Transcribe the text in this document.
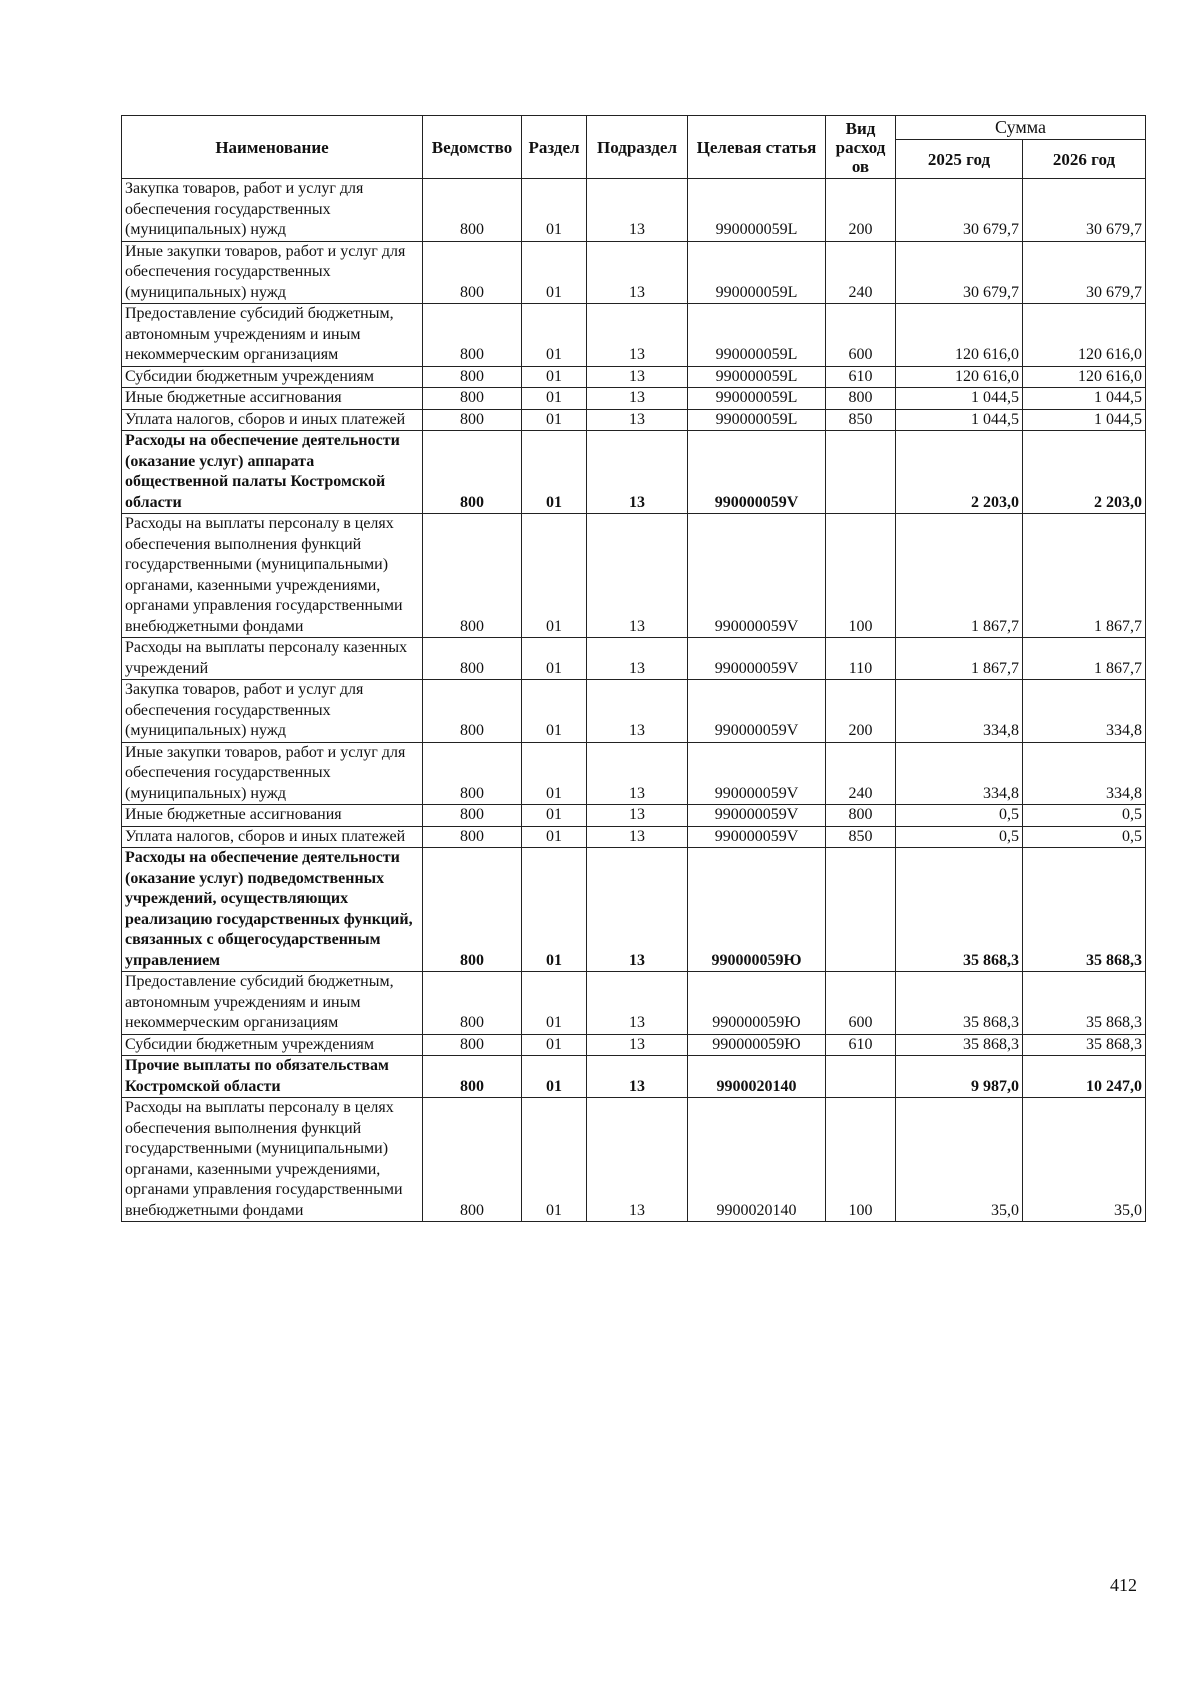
Наименование	Ведомство	Раздел	Подраздел	Целевая статья	Вид расход ов	Сумма	
						2025 год	2026 год
Закупка товаров, работ и услуг для обеспечения государственных (муниципальных) нужд	800	01	13	990000059L	200	30 679,7	30 679,7
Иные закупки товаров, работ и услуг для обеспечения государственных (муниципальных) нужд	800	01	13	990000059L	240	30 679,7	30 679,7
Предоставление субсидий бюджетным, автономным учреждениям и иным некоммерческим организациям	800	01	13	990000059L	600	120 616,0	120 616,0
Субсидии бюджетным учреждениям	800	01	13	990000059L	610	120 616,0	120 616,0
Иные бюджетные ассигнования	800	01	13	990000059L	800	1 044,5	1 044,5
Уплата налогов, сборов и иных платежей	800	01	13	990000059L	850	1 044,5	1 044,5
Расходы на обеспечение деятельности (оказание услуг) аппарата общественной палаты Костромской области	800	01	13	990000059V		2 203,0	2 203,0
Расходы на выплаты персоналу в целях обеспечения выполнения функций государственными (муниципальными) органами, казенными учреждениями, органами управления государственными внебюджетными фондами	800	01	13	990000059V	100	1 867,7	1 867,7
Расходы на выплаты персоналу казенных учреждений	800	01	13	990000059V	110	1 867,7	1 867,7
Закупка товаров, работ и услуг для обеспечения государственных (муниципальных) нужд	800	01	13	990000059V	200	334,8	334,8
Иные закупки товаров, работ и услуг для обеспечения государственных (муниципальных) нужд	800	01	13	990000059V	240	334,8	334,8
Иные бюджетные ассигнования	800	01	13	990000059V	800	0,5	0,5
Уплата налогов, сборов и иных платежей	800	01	13	990000059V	850	0,5	0,5
Расходы на обеспечение деятельности (оказание услуг) подведомственных учреждений, осуществляющих реализацию государственных функций, связанных с общегосударственным управлением	800	01	13	990000059Ю		35 868,3	35 868,3
Предоставление субсидий бюджетным, автономным учреждениям и иным некоммерческим организациям	800	01	13	990000059Ю	600	35 868,3	35 868,3
Субсидии бюджетным учреждениям	800	01	13	990000059Ю	610	35 868,3	35 868,3
Прочие выплаты по обязательствам Костромской области	800	01	13	9900020140		9 987,0	10 247,0
Расходы на выплаты персоналу в целях обеспечения выполнения функций государственными (муниципальными) органами, казенными учреждениями, органами управления государственными внебюджетными фондами	800	01	13	9900020140	100	35,0	35,0
412
